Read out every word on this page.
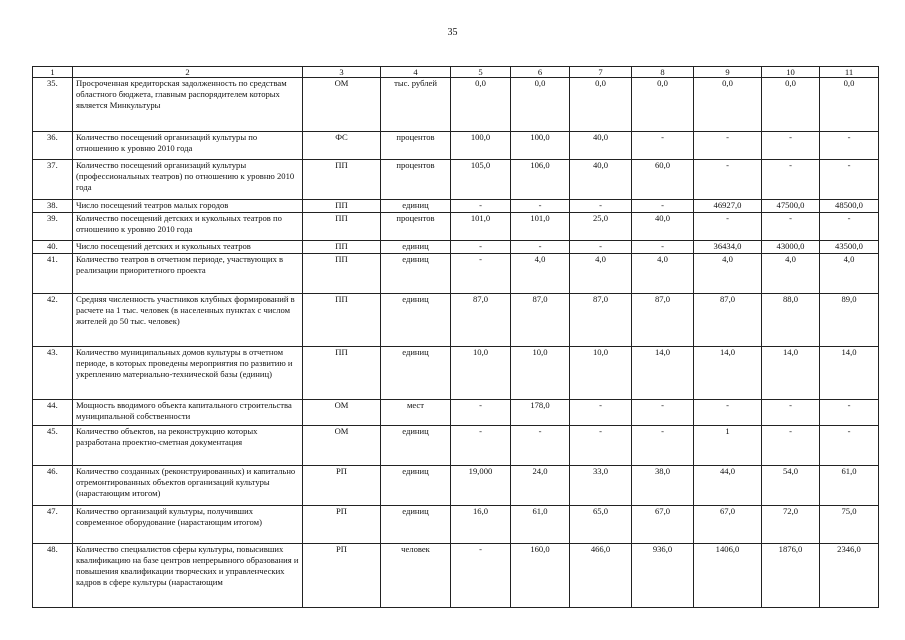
35
1	2	3	4	5	6	7	8	9	10	11
35.	Просроченная кредиторская задолженность по средствам областного бюджета, главным распорядителем которых является Минкультуры	ОМ	тыс. рублей	0,0	0,0	0,0	0,0	0,0	0,0	0,0
36.	Количество посещений организаций культуры по отношению к уровню 2010 года	ФС	процентов	100,0	100,0	40,0	-	-	-	-
37.	Количество посещений организаций культуры (профессиональных театров) по отношению к уровню 2010 года	ПП	процентов	105,0	106,0	40,0	60,0	-	-	-
38.	Число посещений театров малых городов	ПП	единиц	-	-	-	-	46927,0	47500,0	48500,0
39.	Количество посещений детских и кукольных театров по отношению к уровню 2010 года	ПП	процентов	101,0	101,0	25,0	40,0	-	-	-
40.	Число посещений детских и кукольных театров	ПП	единиц	-	-	-	-	36434,0	43000,0	43500,0
41.	Количество театров в отчетном периоде, участвующих в реализации приоритетного проекта	ПП	единиц	-	4,0	4,0	4,0	4,0	4,0	4,0
42.	Средняя численность участников клубных формирований в расчете на 1 тыс. человек (в населенных пунктах с числом жителей до 50 тыс. человек)	ПП	единиц	87,0	87,0	87,0	87,0	87,0	88,0	89,0
43.	Количество муниципальных домов культуры в отчетном периоде, в которых проведены мероприятия по развитию и укреплению материально-технической базы (единиц)	ПП	единиц	10,0	10,0	10,0	14,0	14,0	14,0	14,0
44.	Мощность вводимого объекта капитального строительства муниципальной собственности	ОМ	мест	-	178,0	-	-	-	-	-
45.	Количество объектов, на реконструкцию которых разработана проектно-сметная документация	ОМ	единиц	-	-	-	-	1	-	-
46.	Количество созданных (реконструированных) и капитально отремонтированных объектов организаций культуры (нарастающим итогом)	РП	единиц	19,000	24,0	33,0	38,0	44,0	54,0	61,0
47.	Количество организаций культуры, получивших современное оборудование (нарастающим итогом)	РП	единиц	16,0	61,0	65,0	67,0	67,0	72,0	75,0
48.	Количество специалистов сферы культуры, повысивших квалификацию на базе центров непрерывного образования и повышения квалификации творческих и управленческих кадров в сфере культуры (нарастающим	РП	человек	-	160,0	466,0	936,0	1406,0	1876,0	2346,0
